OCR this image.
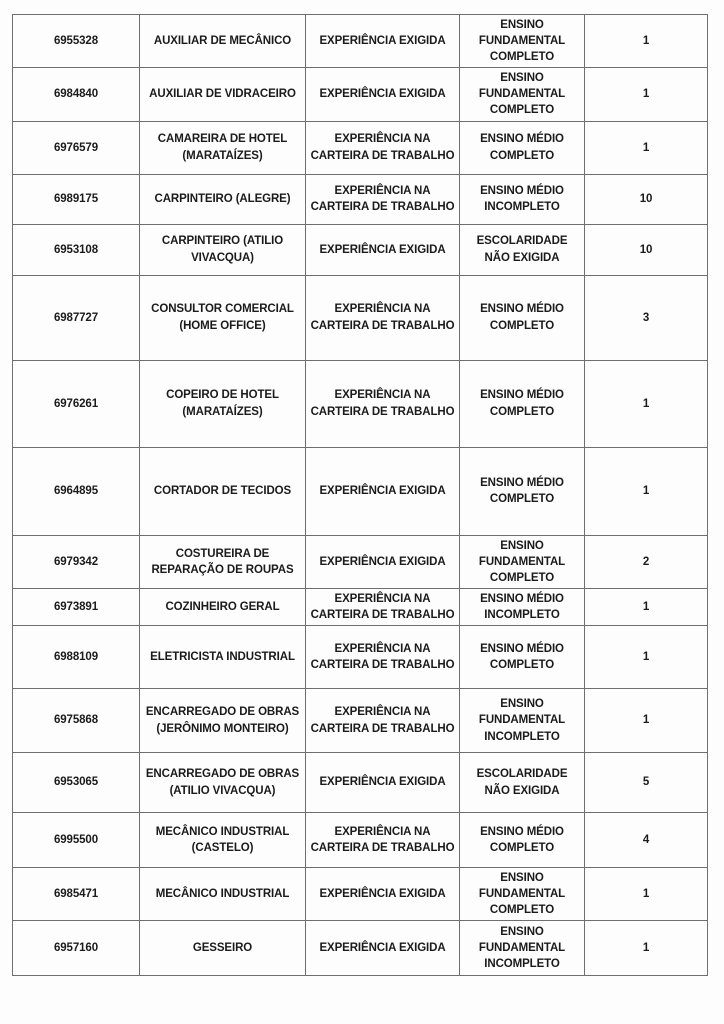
6955328	AUXILIAR DE MECÂNICO	EXPERIÊNCIA EXIGIDA	ENSINO FUNDAMENTAL COMPLETO	1
6984840	AUXILIAR DE VIDRACEIRO	EXPERIÊNCIA EXIGIDA	ENSINO FUNDAMENTAL COMPLETO	1
6976579	CAMAREIRA DE HOTEL (MARATAÍZES)	EXPERIÊNCIA NA CARTEIRA DE TRABALHO	ENSINO MÉDIO COMPLETO	1
6989175	CARPINTEIRO (ALEGRE)	EXPERIÊNCIA NA CARTEIRA DE TRABALHO	ENSINO MÉDIO INCOMPLETO	10
6953108	CARPINTEIRO (ATILIO VIVACQUA)	EXPERIÊNCIA EXIGIDA	ESCOLARIDADE NÃO EXIGIDA	10
6987727	CONSULTOR COMERCIAL (HOME OFFICE)	EXPERIÊNCIA NA CARTEIRA DE TRABALHO	ENSINO MÉDIO COMPLETO	3
6976261	COPEIRO DE HOTEL (MARATAÍZES)	EXPERIÊNCIA NA CARTEIRA DE TRABALHO	ENSINO MÉDIO COMPLETO	1
6964895	CORTADOR DE TECIDOS	EXPERIÊNCIA EXIGIDA	ENSINO MÉDIO COMPLETO	1
6979342	COSTUREIRA DE REPARAÇÃO DE ROUPAS	EXPERIÊNCIA EXIGIDA	ENSINO FUNDAMENTAL COMPLETO	2
6973891	COZINHEIRO GERAL	EXPERIÊNCIA NA CARTEIRA DE TRABALHO	ENSINO MÉDIO INCOMPLETO	1
6988109	ELETRICISTA INDUSTRIAL	EXPERIÊNCIA NA CARTEIRA DE TRABALHO	ENSINO MÉDIO COMPLETO	1
6975868	ENCARREGADO DE OBRAS (JERÔNIMO MONTEIRO)	EXPERIÊNCIA NA CARTEIRA DE TRABALHO	ENSINO FUNDAMENTAL INCOMPLETO	1
6953065	ENCARREGADO DE OBRAS (ATILIO VIVACQUA)	EXPERIÊNCIA EXIGIDA	ESCOLARIDADE NÃO EXIGIDA	5
6995500	MECÂNICO INDUSTRIAL (CASTELO)	EXPERIÊNCIA NA CARTEIRA DE TRABALHO	ENSINO MÉDIO COMPLETO	4
6985471	MECÂNICO INDUSTRIAL	EXPERIÊNCIA EXIGIDA	ENSINO FUNDAMENTAL COMPLETO	1
6957160	GESSEIRO	EXPERIÊNCIA EXIGIDA	ENSINO FUNDAMENTAL INCOMPLETO	1
